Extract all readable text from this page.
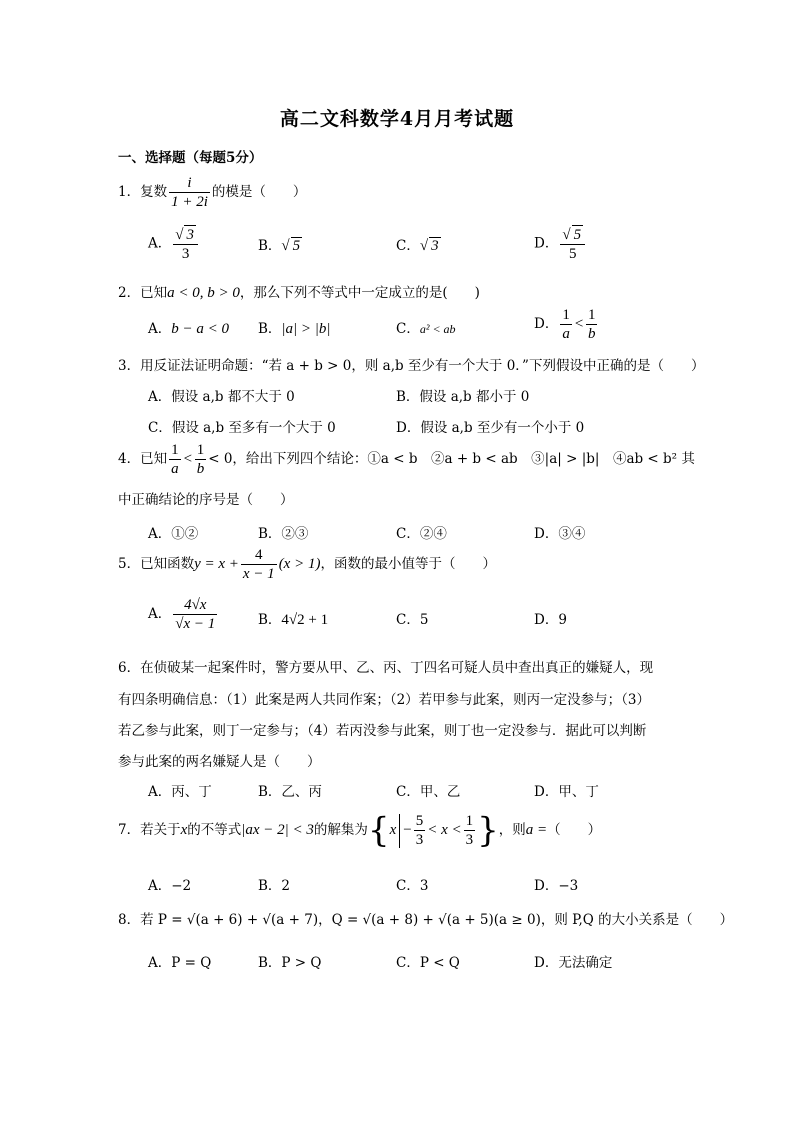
高二文科数学4月月考试题
一、选择题（每题5分）
1．复数 $\frac{i}{1 + 2i}$ 的模是（　　）
A． $\frac{√ 3}{3}$	B．√ 5	C．√ 3	D． $\frac{√ 5}{5}$
2．已知a < 0, b > 0，那么下列不等式中一定成立的是(　　)
A．b − a < 0 B．|a| > |b|	C．a² < ab	D． $\frac{1}{a} < \frac{1}{b}$
3．用反证法证明命题：“若 a + b > 0，则 a,b 至少有一个大于 0．”下列假设中正确的是（　　）
A．假设 a,b 都不大于 0	B．假设 a,b 都小于 0
C．假设 a,b 至多有一个大于 0	D．假设 a,b 至少有一个小于 0
4．已知 $\frac{1}{a} < \frac{1}{b} < 0$，给出下列四个结论：①a < b　②a + b < ab　③|a| > |b|　④ab < b² 其
中正确结论的序号是（　　）
A．①②	B．②③	C．②④	D．③④
5．已知函数$y = x + \frac{4}{x - 1} (x > 1)$，函数的最小值等于（　　）
A． $\frac{4√x}{√x - 1}$	B．4√2 + 1	C．5	D．9
6．在侦破某一起案件时，警方要从甲、乙、丙、丁四名可疑人员中查出真正的嫌疑人，现
有四条明确信息：（1）此案是两人共同作案；（2）若甲参与此案，则丙一定没参与；（3）
若乙参与此案，则丁一定参与；（4）若丙没参与此案，则丁也一定没参与．据此可以判断
参与此案的两名嫌疑人是（　　）
A．丙、丁	B．乙、丙	C．甲、乙	D．甲、丁
7．若关于x的不等式|ax − 2| < 3的解集为{$x - \frac{5}{3} < x < \frac{1}{3}$ }，则a =（　　）
A．−2	B．2	C．3	D．−3
8．若 P = √(a + 6) + √(a + 7)，Q = √(a + 8) + √(a + 5)(a ≥ 0)，则 P,Q 的大小关系是（　　）
A．P = Q	B．P > Q	C．P < Q	D．无法确定
